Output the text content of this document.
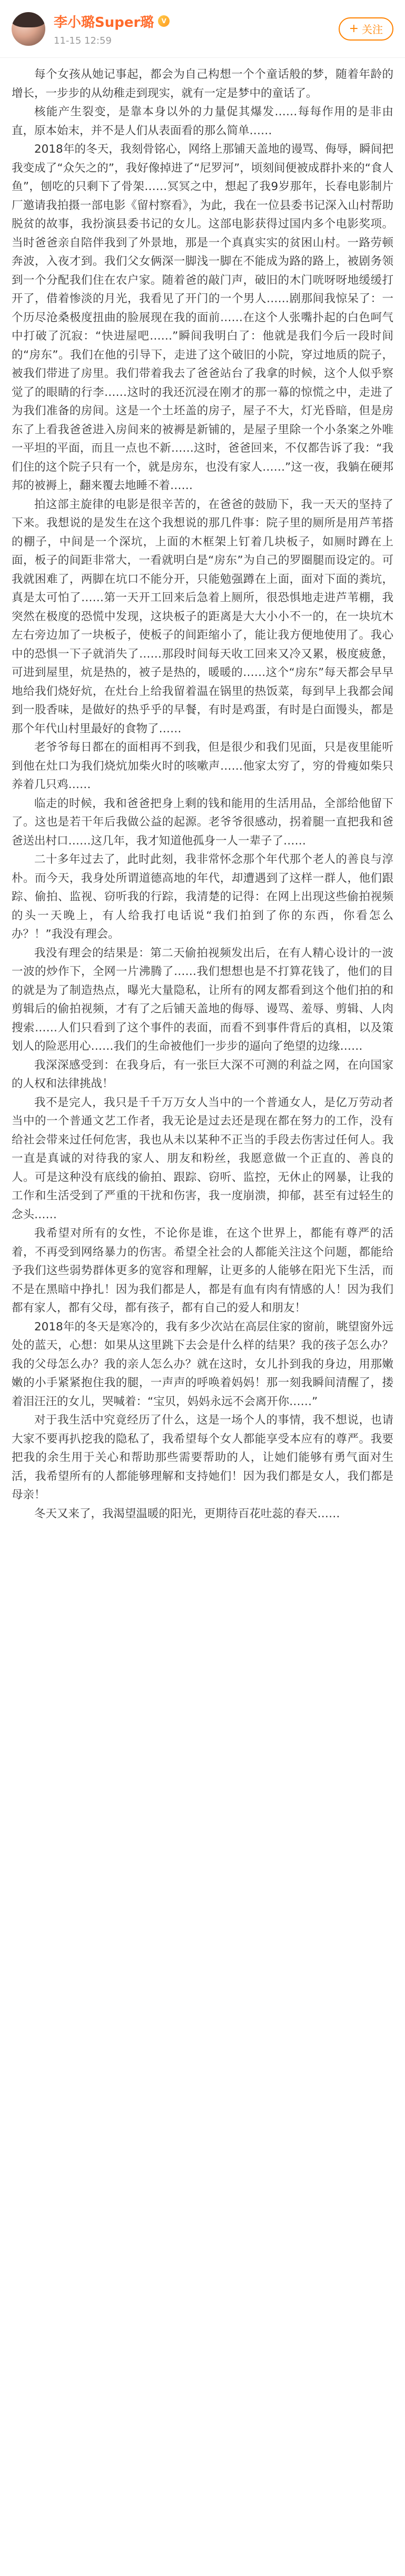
李小璐Super璐	V
11-15 12:59
+ 关注

每个女孩从她记事起，都会为自己构想一个个童话般的梦，随着年龄的增长，一步步的从幼稚走到现实，就有一定是梦中的童话了。

核能产生裂变，是靠本身以外的力量促其爆发……每每作用的是非由直，原本始末，并不是人们从表面看的那么简单……

2018年的冬天，我刻骨铭心，网络上那铺天盖地的谩骂、侮辱，瞬间把我变成了“众矢之的”，我好像掉进了“尼罗河”，顷刻间便被成群扑来的“食人鱼”，刨吃的只剩下了骨架……冥冥之中，想起了我9岁那年，长春电影制片厂邀请我拍摄一部电影《留村察看》，为此，我在一位县委书记深入山村帮助脱贫的故事，我扮演县委书记的女儿。这部电影获得过国内多个电影奖项。当时爸爸亲自陪伴我到了外景地，那是一个真真实实的贫困山村。一路劳顿奔波，入夜才到。我们父女俩深一脚浅一脚在不能成为路的路上，被剧务领到一个分配我们住在农户家。随着爸的敲门声，破旧的木门咣呀呀地缓缓打开了，借着惨淡的月光，我看见了开门的一个男人……剧那间我惊呆了：一个历尽沧桑极度扭曲的脸展现在我的面前……在这个人张嘴扑起的白色呵气中打破了沉寂：“快进屋吧……”瞬间我明白了：他就是我们今后一段时间的“房东”。我们在他的引导下，走进了这个破旧的小院，穿过地质的院子，被我们带进了房里。我们带着我去了爸爸站台了我拿的时候，这个人似乎察觉了的眼睛的行李……这时的我还沉浸在刚才的那一幕的惊慌之中，走进了为我们准备的房间。这是一个土坯盖的房子，屋子不大，灯光昏暗，但是房东了上看我爸爸进入房间来的被褥是新铺的，是屋子里除一个小条案之外唯一平坦的平面，而且一点也不新……这时，爸爸回来，不仅都告诉了我：“我们住的这个院子只有一个，就是房东，也没有家人……”这一夜，我躺在硬邦邦的被褥上，翻来覆去地睡不着……

拍这部主旋律的电影是很辛苦的，在爸爸的鼓励下，我一天天的坚持了下来。我想说的是发生在这个我想说的那几件事：院子里的厕所是用芦苇搭的棚子，中间是一个深坑，上面的木框架上钉着几块板子，如厕时蹲在上面，板子的间距非常大，一看就明白是“房东”为自己的罗圈腿而设定的。可我就困难了，两脚在坑口不能分开，只能勉强蹲在上面，面对下面的粪坑，真是太可怕了……第一天开工回来后急着上厕所，很恐惧地走进芦苇棚，我突然在极度的恐慌中发现，这块板子的距离是大大小小不一的，在一块坑木左右旁边加了一块板子，使板子的间距缩小了，能让我方便地使用了。我心中的恐惧一下子就消失了……那段时间每天收工回来又冷又累，极度疲惫，可进到屋里，炕是热的，被子是热的，暖暖的……这个“房东”每天都会早早地给我们烧好炕，在灶台上给我留着温在锅里的热饭菜，每到早上我都会闻到一股香味，是做好的热乎乎的早餐，有时是鸡蛋，有时是白面馒头，都是那个年代山村里最好的食物了……

老爷爷每日都在的面相再不到我，但是很少和我们见面，只是夜里能听到他在灶口为我们烧炕加柴火时的咳嗽声……他家太穷了，穷的骨瘦如柴只养着几只鸡……

临走的时候，我和爸爸把身上剩的钱和能用的生活用品，全部给他留下了。这也是若干年后我做公益的起源。老爷爷很感动，拐着腿一直把我和爸爸送出村口……这几年，我才知道他孤身一人一辈子了……

二十多年过去了，此时此刻，我非常怀念那个年代那个老人的善良与淳朴。而今天，我身处所谓道德高地的年代，却遭遇到了这样一群人，他们跟踪、偷拍、监视、窃听我的行踪，我清楚的记得：在网上出现这些偷拍视频的头一天晚上，有人给我打电话说“我们拍到了你的东西，你看怎么办？！”我没有理会。

我没有理会的结果是：第二天偷拍视频发出后，在有人精心设计的一波一波的炒作下，全网一片沸腾了……我们想想也是不打算花钱了，他们的目的就是为了制造热点，曝光大量隐私，让所有的网友都看到这个他们拍的和剪辑后的偷拍视频，才有了之后铺天盖地的侮辱、谩骂、羞辱、剪辑、人肉搜索……人们只看到了这个事件的表面，而看不到事件背后的真相，以及策划人的险恶用心……我们的生命被他们一步步的逼向了绝望的边缘……

我深深感受到：在我身后，有一张巨大深不可测的利益之网，在向国家的人权和法律挑战！

我不是完人，我只是千千万万女人当中的一个普通女人，是亿万劳动者当中的一个普通文艺工作者，我无论是过去还是现在都在努力的工作，没有给社会带来过任何危害，我也从未以某种不正当的手段去伤害过任何人。我一直是真诚的对待我的家人、朋友和粉丝，我愿意做一个正直的、善良的人。可是这种没有底线的偷拍、跟踪、窃听、监控，无休止的网暴，让我的工作和生活受到了严重的干扰和伤害，我一度崩溃，抑郁，甚至有过轻生的念头……

我希望对所有的女性，不论你是谁，在这个世界上，都能有尊严的活着，不再受到网络暴力的伤害。希望全社会的人都能关注这个问题，都能给予我们这些弱势群体更多的宽容和理解，让更多的人能够在阳光下生活，而不是在黑暗中挣扎！因为我们都是人，都是有血有肉有情感的人！因为我们都有家人，都有父母，都有孩子，都有自己的爱人和朋友！

2018年的冬天是寒冷的，我有多少次站在高层住家的窗前，眺望窗外远处的蓝天，心想：如果从这里跳下去会是什么样的结果？我的孩子怎么办？我的父母怎么办？我的亲人怎么办？就在这时，女儿扑到我的身边，用那嫩嫩的小手紧紧抱住我的腿，一声声的呼唤着妈妈！那一刻我瞬间清醒了，搂着泪汪汪的女儿，哭喊着：“宝贝，妈妈永远不会离开你……”

对于我生活中究竟经历了什么，这是一场个人的事情，我不想说，也请大家不要再扒挖我的隐私了，我希望每个女人都能享受本应有的尊严。我要把我的余生用于关心和帮助那些需要帮助的人，让她们能够有勇气面对生活，我希望所有的人都能够理解和支持她们！因为我们都是女人，我们都是母亲！

冬天又来了，我渴望温暖的阳光，更期待百花吐蕊的春天……
